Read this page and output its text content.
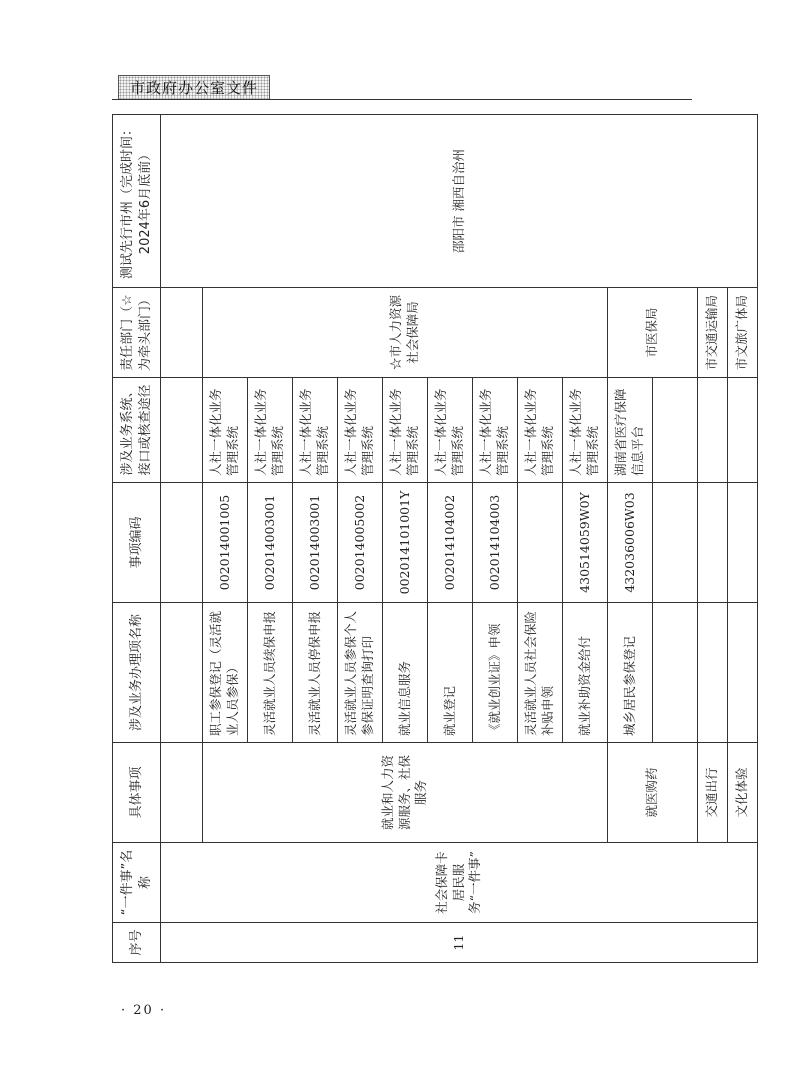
市政府办公室文件
序号	“一件事”名称	具体事项	涉及业务办理项名称	事项编码	涉及业务系统、接口或核查途径	责任部门（☆为牵头部门）	测试先行市州（完成时间：2024年6月底前）
11	社会保障卡居民服务“一件事”						邵阳市 湘西自治州
		就业和人力资源服务、社保服务	职工参保登记（灵活就业人员参保）	002014001005	人社一体化业务管理系统	☆市人力资源社会保障局	
			灵活就业人员续保申报	002014003001	人社一体化业务管理系统		
			灵活就业人员停保申报	002014003001	人社一体化业务管理系统		
			灵活就业人员参保个人参保证明查询打印	002014005002	人社一体化业务管理系统		
			就业信息服务	002014101001Y	人社一体化业务管理系统		
			就业登记	002014104002	人社一体化业务管理系统		
			《就业创业证》申领	002014104003	人社一体化业务管理系统		
			灵活就业人员社会保险补贴申领		人社一体化业务管理系统		
			就业补助资金给付	430514059W0Y	人社一体化业务管理系统		
		就医购药	城乡居民参保登记	432036006W03	湖南省医疗保障信息平台	市医保局	

		交通出行				市交通运输局	
		文化体验				市文旅广体局	
· 20 ·
